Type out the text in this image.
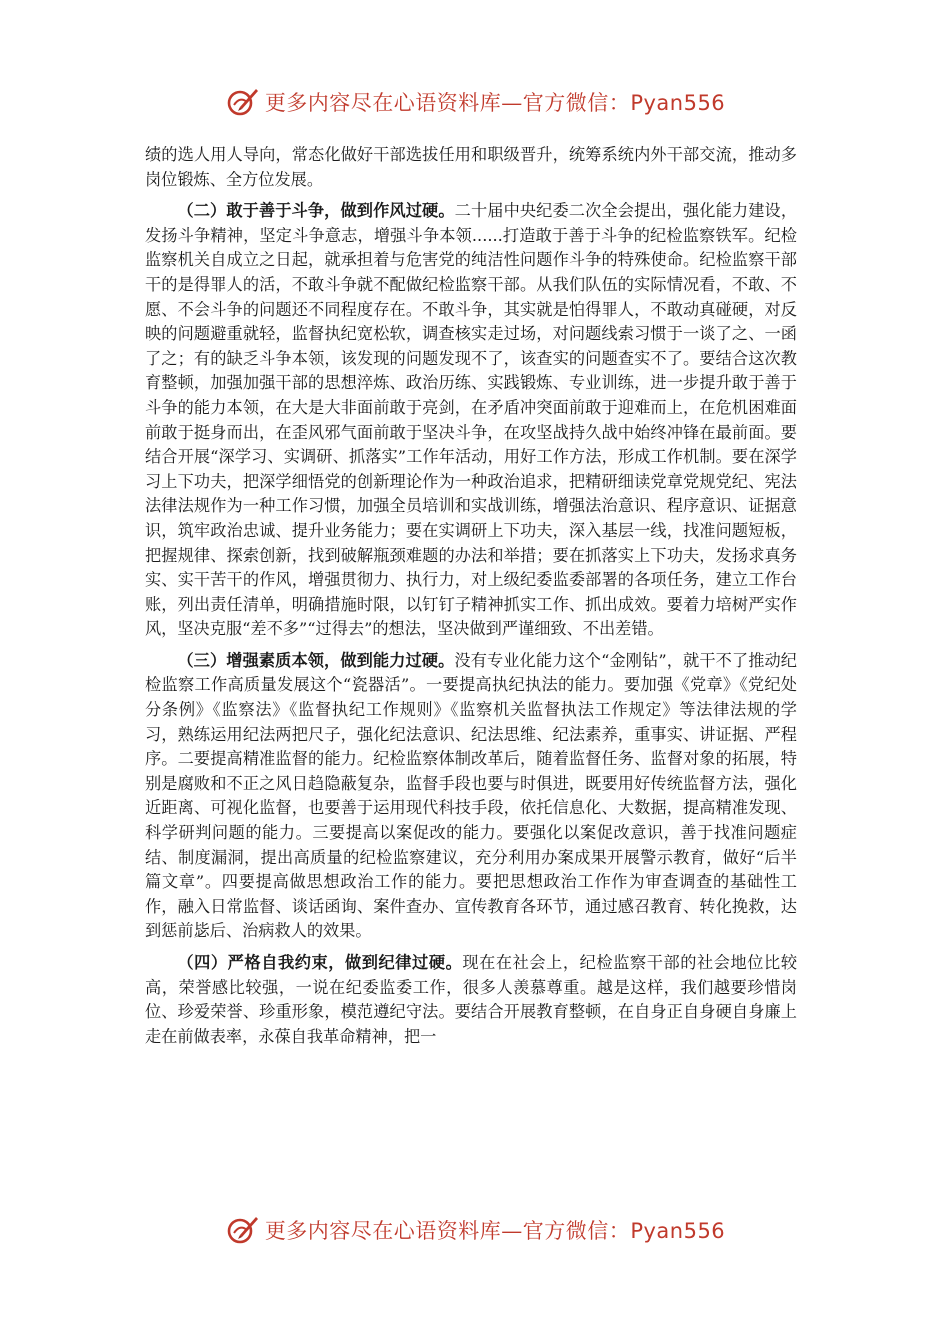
更多内容尽在心语资料库—官方微信：Pyan556

绩的选人用人导向，常态化做好干部选拔任用和职级晋升，统筹系统内外干部交流，推动多岗位锻炼、全方位发展。

（二）敢于善于斗争，做到作风过硬。二十届中央纪委二次全会提出，强化能力建设，发扬斗争精神，坚定斗争意志，增强斗争本领......打造敢于善于斗争的纪检监察铁军。纪检监察机关自成立之日起，就承担着与危害党的纯洁性问题作斗争的特殊使命。纪检监察干部干的是得罪人的活，不敢斗争就不配做纪检监察干部。从我们队伍的实际情况看，不敢、不愿、不会斗争的问题还不同程度存在。不敢斗争，其实就是怕得罪人，不敢动真碰硬，对反映的问题避重就轻，监督执纪宽松软，调查核实走过场，对问题线索习惯于一谈了之、一函了之；有的缺乏斗争本领，该发现的问题发现不了，该查实的问题查实不了。要结合这次教育整顿，加强加强干部的思想淬炼、政治历练、实践锻炼、专业训练，进一步提升敢于善于斗争的能力本领，在大是大非面前敢于亮剑，在矛盾冲突面前敢于迎难而上，在危机困难面前敢于挺身而出，在歪风邪气面前敢于坚决斗争，在攻坚战持久战中始终冲锋在最前面。要结合开展“深学习、实调研、抓落实”工作年活动，用好工作方法，形成工作机制。要在深学习上下功夫，把深学细悟党的创新理论作为一种政治追求，把精研细读党章党规党纪、宪法法律法规作为一种工作习惯，加强全员培训和实战训练，增强法治意识、程序意识、证据意识，筑牢政治忠诚、提升业务能力；要在实调研上下功夫，深入基层一线，找准问题短板，把握规律、探索创新，找到破解瓶颈难题的办法和举措；要在抓落实上下功夫，发扬求真务实、实干苦干的作风，增强贯彻力、执行力，对上级纪委监委部署的各项任务，建立工作台账，列出责任清单，明确措施时限，以钉钉子精神抓实工作、抓出成效。要着力培树严实作风，坚决克服“差不多”“过得去”的想法，坚决做到严谨细致、不出差错。

（三）增强素质本领，做到能力过硬。没有专业化能力这个“金刚钻”，就干不了推动纪检监察工作高质量发展这个“瓷器活”。一要提高执纪执法的能力。要加强《党章》《党纪处分条例》《监察法》《监督执纪工作规则》《监察机关监督执法工作规定》等法律法规的学习，熟练运用纪法两把尺子，强化纪法意识、纪法思维、纪法素养，重事实、讲证据、严程序。二要提高精准监督的能力。纪检监察体制改革后，随着监督任务、监督对象的拓展，特别是腐败和不正之风日趋隐蔽复杂，监督手段也要与时俱进，既要用好传统监督方法，强化近距离、可视化监督，也要善于运用现代科技手段，依托信息化、大数据，提高精准发现、科学研判问题的能力。三要提高以案促改的能力。要强化以案促改意识，善于找准问题症结、制度漏洞，提出高质量的纪检监察建议，充分利用办案成果开展警示教育，做好“后半篇文章”。四要提高做思想政治工作的能力。要把思想政治工作作为审查调查的基础性工作，融入日常监督、谈话函询、案件查办、宣传教育各环节，通过感召教育、转化挽救，达到惩前毖后、治病救人的效果。

（四）严格自我约束，做到纪律过硬。现在在社会上，纪检监察干部的社会地位比较高，荣誉感比较强，一说在纪委监委工作，很多人羡慕尊重。越是这样，我们越要珍惜岗位、珍爱荣誉、珍重形象，模范遵纪守法。要结合开展教育整顿，在自身正自身硬自身廉上走在前做表率，永葆自我革命精神，把一

更多内容尽在心语资料库—官方微信：Pyan556
